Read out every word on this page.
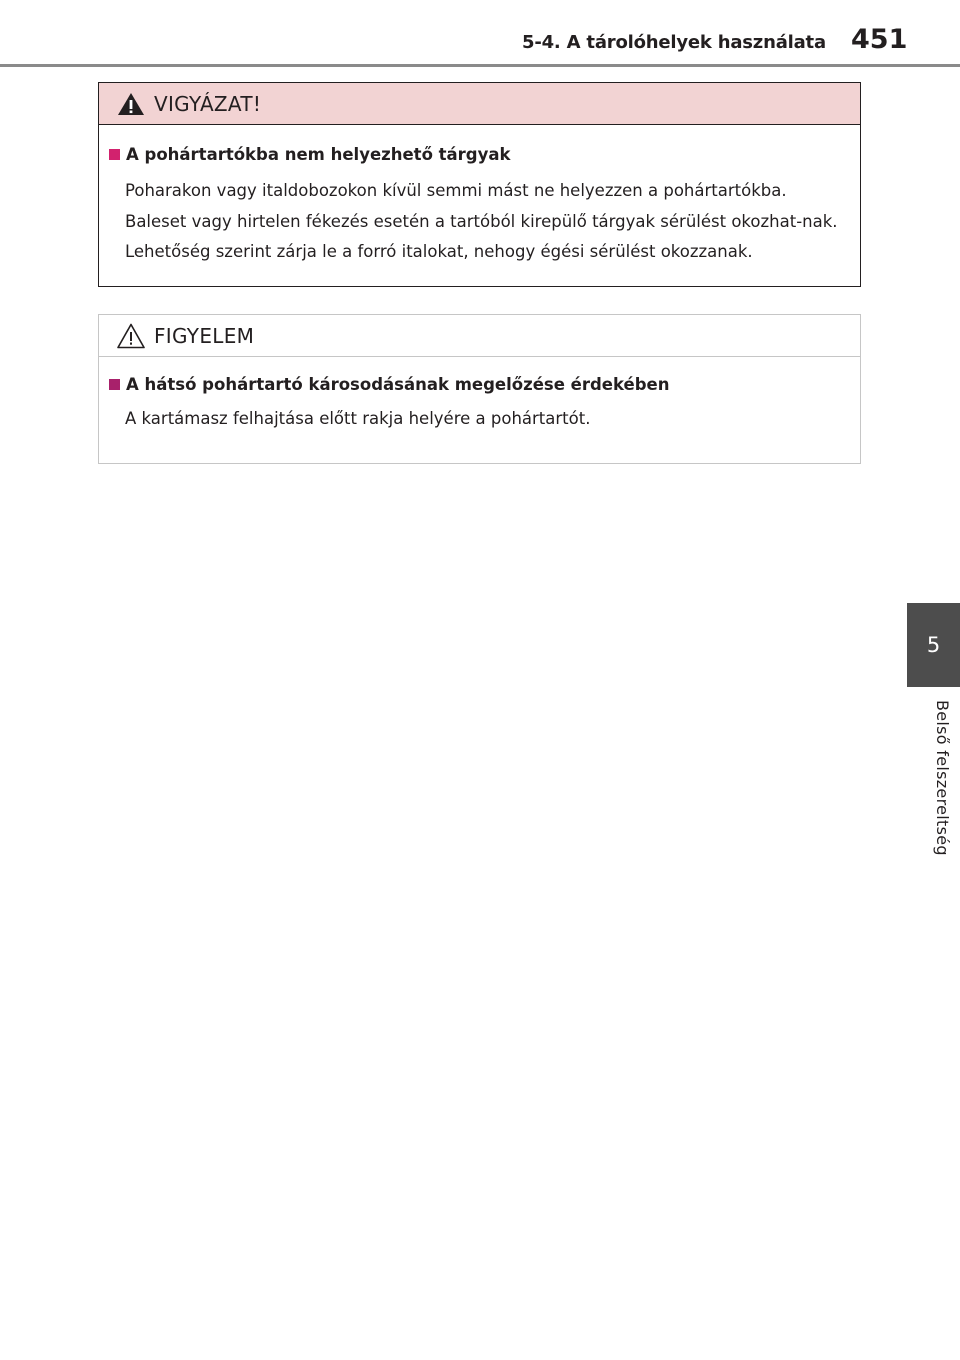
5-4. A tárolóhelyek használata 451
5
Belső felszereltség
VIGYÁZAT!
A pohártartókba nem helyezhető tárgyak
Poharakon vagy italdobozokon kívül semmi mást ne helyezzen a pohártartókba. Baleset vagy hirtelen fékezés esetén a tartóból kirepülő tárgyak sérülést okozhat-nak. Lehetőség szerint zárja le a forró italokat, nehogy égési sérülést okozzanak.
FIGYELEM
A hátsó pohártartó károsodásának megelőzése érdekében
A kartámasz felhajtása előtt rakja helyére a pohártartót.
